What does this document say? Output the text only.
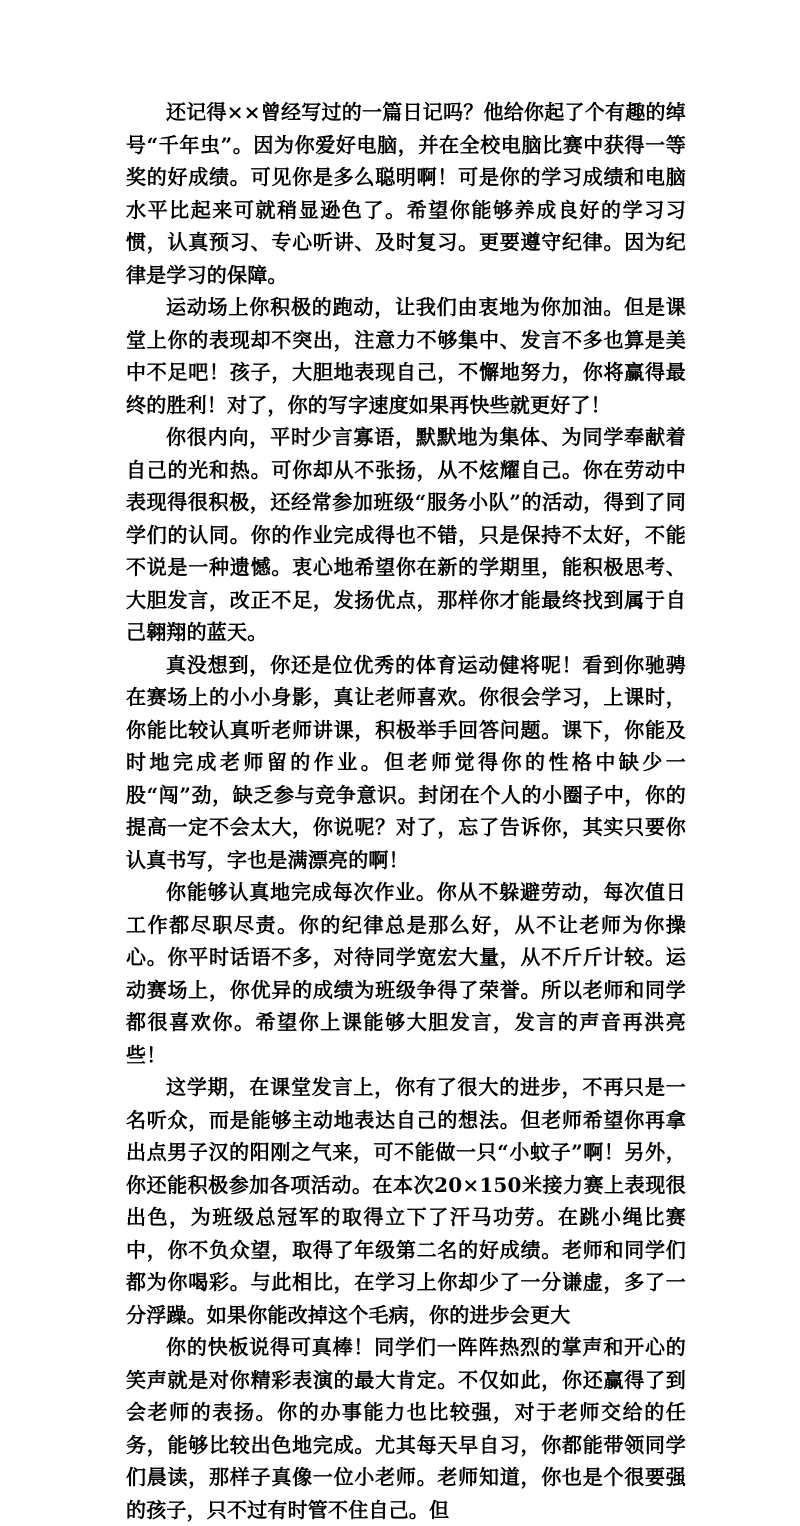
还记得××曾经写过的一篇日记吗？他给你起了个有趣的绰号“千年虫”。因为你爱好电脑，并在全校电脑比赛中获得一等奖的好成绩。可见你是多么聪明啊！可是你的学习成绩和电脑水平比起来可就稍显逊色了。希望你能够养成良好的学习习惯，认真预习、专心听讲、及时复习。更要遵守纪律。因为纪律是学习的保障。

运动场上你积极的跑动，让我们由衷地为你加油。但是课堂上你的表现却不突出，注意力不够集中、发言不多也算是美中不足吧！孩子，大胆地表现自己，不懈地努力，你将赢得最终的胜利！对了，你的写字速度如果再快些就更好了！

你很内向，平时少言寡语，默默地为集体、为同学奉献着自己的光和热。可你却从不张扬，从不炫耀自己。你在劳动中表现得很积极，还经常参加班级“服务小队”的活动，得到了同学们的认同。你的作业完成得也不错，只是保持不太好，不能不说是一种遗憾。衷心地希望你在新的学期里，能积极思考、大胆发言，改正不足，发扬优点，那样你才能最终找到属于自己翱翔的蓝天。

真没想到，你还是位优秀的体育运动健将呢！看到你驰骋在赛场上的小小身影，真让老师喜欢。你很会学习，上课时，你能比较认真听老师讲课，积极举手回答问题。课下，你能及时地完成老师留的作业。但老师觉得你的性格中缺少一股“闯”劲，缺乏参与竞争意识。封闭在个人的小圈子中，你的提高一定不会太大，你说呢？对了，忘了告诉你，其实只要你认真书写，字也是满漂亮的啊！

你能够认真地完成每次作业。你从不躲避劳动，每次值日工作都尽职尽责。你的纪律总是那么好，从不让老师为你操心。你平时话语不多，对待同学宽宏大量，从不斤斤计较。运动赛场上，你优异的成绩为班级争得了荣誉。所以老师和同学都很喜欢你。希望你上课能够大胆发言，发言的声音再洪亮些！

这学期，在课堂发言上，你有了很大的进步，不再只是一名听众，而是能够主动地表达自己的想法。但老师希望你再拿出点男子汉的阳刚之气来，可不能做一只“小蚊子”啊！另外，你还能积极参加各项活动。在本次20×150米接力赛上表现很出色，为班级总冠军的取得立下了汗马功劳。在跳小绳比赛中，你不负众望，取得了年级第二名的好成绩。老师和同学们都为你喝彩。与此相比，在学习上你却少了一分谦虚，多了一分浮躁。如果你能改掉这个毛病，你的进步会更大

你的快板说得可真棒！同学们一阵阵热烈的掌声和开心的笑声就是对你精彩表演的最大肯定。不仅如此，你还赢得了到会老师的表扬。你的办事能力也比较强，对于老师交给的任务，能够比较出色地完成。尤其每天早自习，你都能带领同学们晨读，那样子真像一位小老师。老师知道，你也是个很要强的孩子，只不过有时管不住自己。但
